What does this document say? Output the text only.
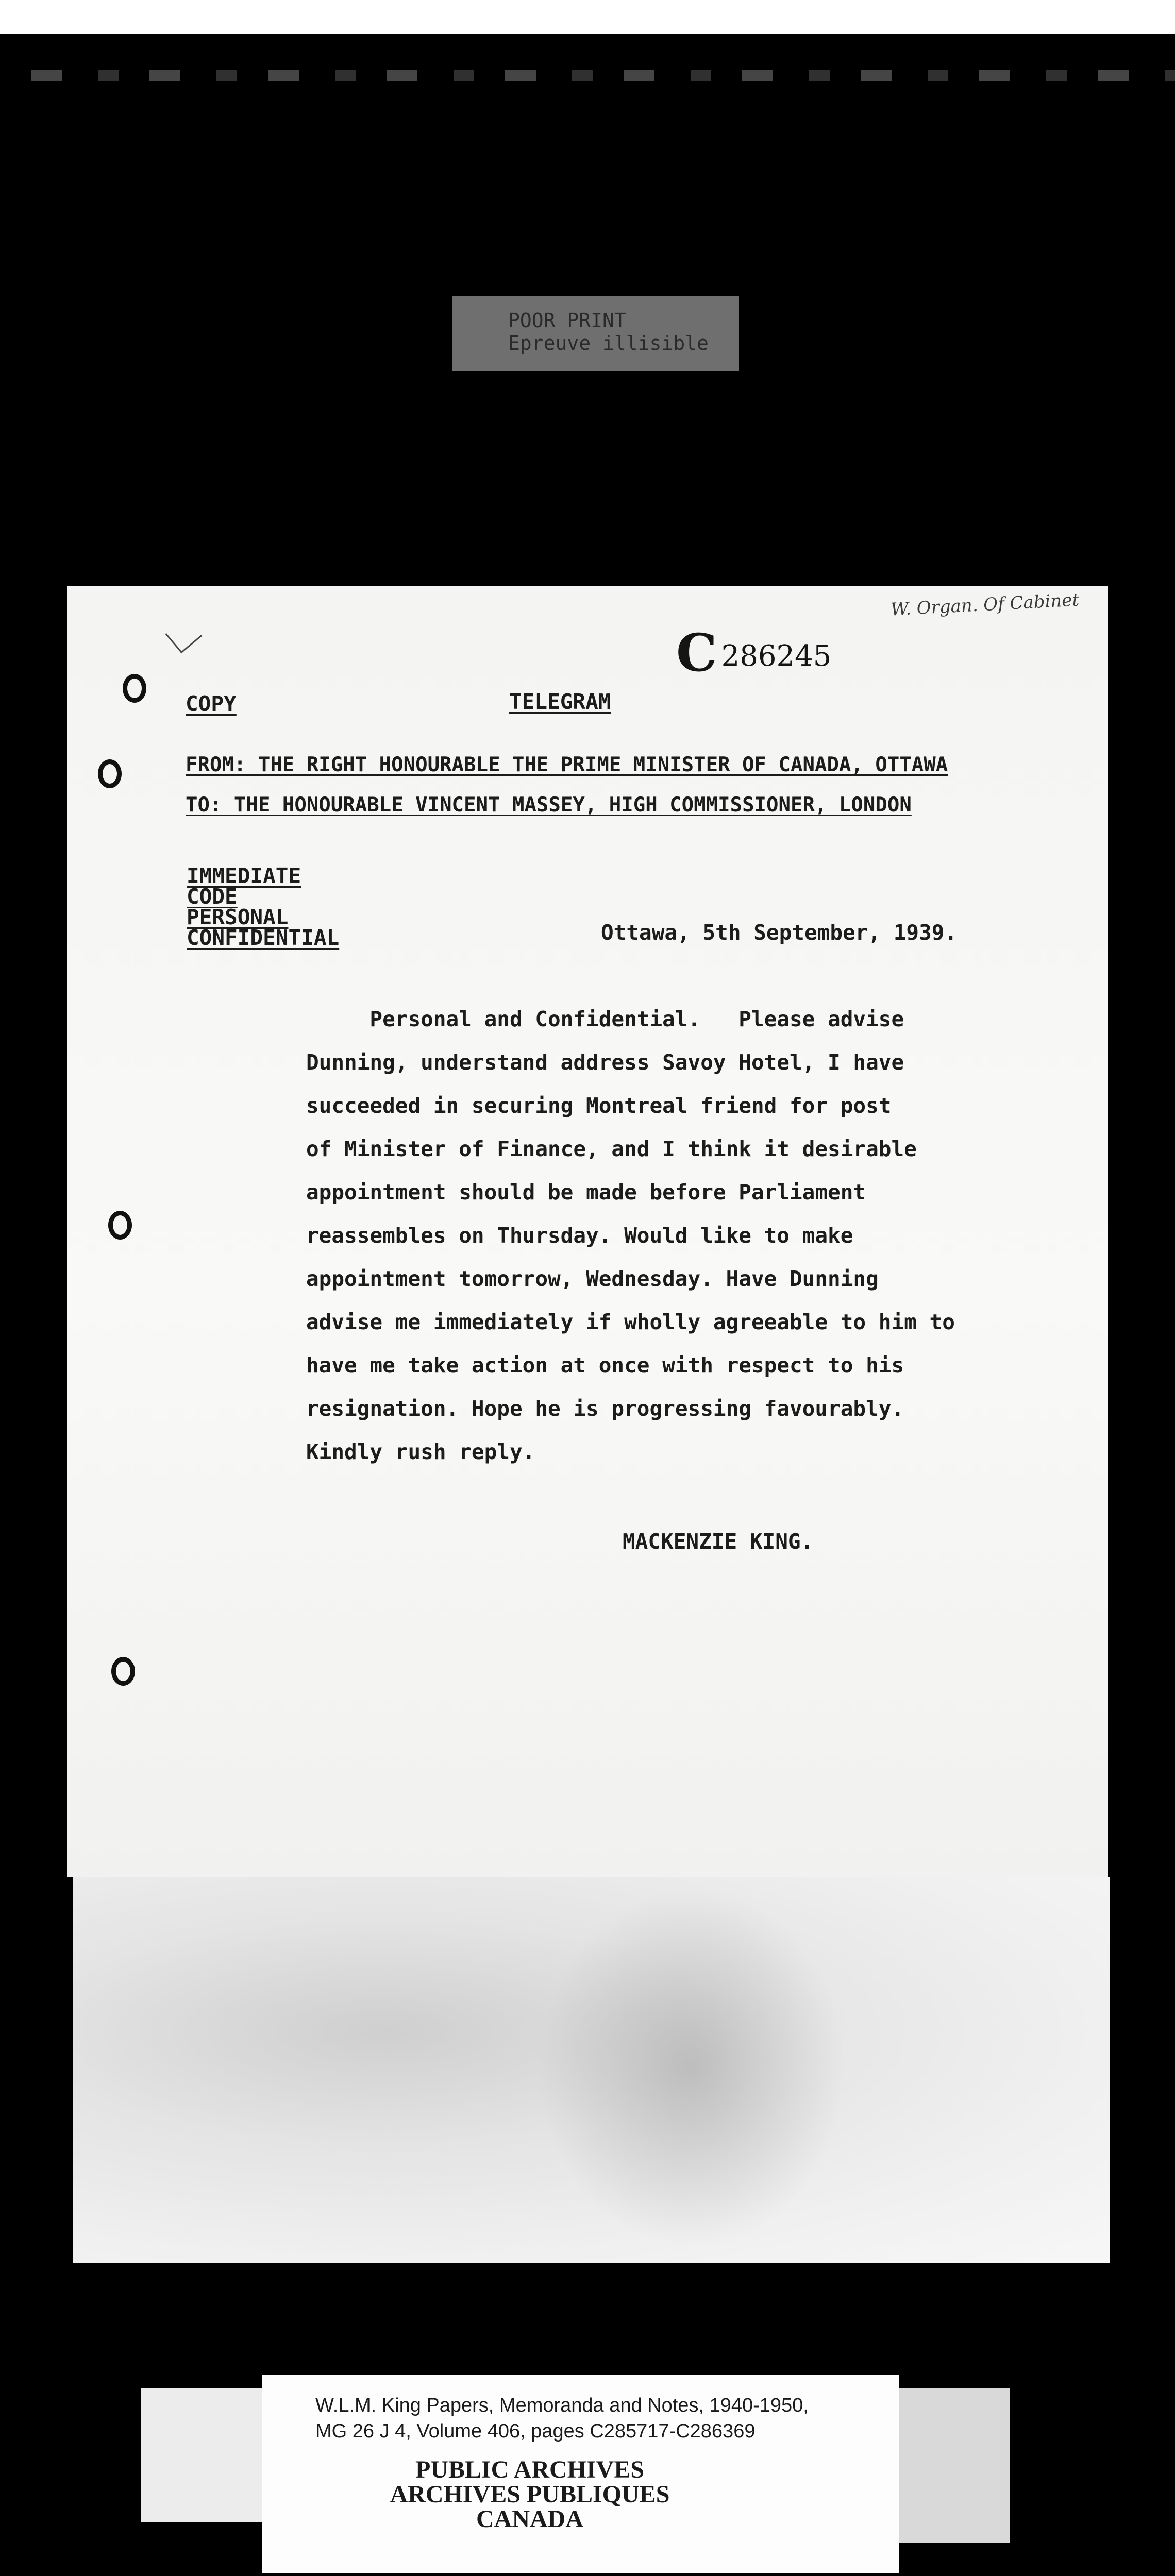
POOR PRINT
Epreuve illisible
W. Organ. Of Cabinet
C 286245
COPY	TELEGRAM
FROM: THE RIGHT HONOURABLE THE PRIME MINISTER OF CANADA, OTTAWA
TO: THE HONOURABLE VINCENT MASSEY, HIGH COMMISSIONER, LONDON
IMMEDIATE
CODE
PERSONAL
CONFIDENTIAL	Ottawa, 5th September, 1939.
Personal and Confidential.   Please advise
Dunning, understand address Savoy Hotel, I have
succeeded in securing Montreal friend for post
of Minister of Finance, and I think it desirable
appointment should be made before Parliament
reassembles on Thursday. Would like to make
appointment tomorrow, Wednesday. Have Dunning
advise me immediately if wholly agreeable to him to
have me take action at once with respect to his
resignation. Hope he is progressing favourably.
Kindly rush reply.
MACKENZIE KING.
W.L.M. King Papers, Memoranda and Notes, 1940-1950,
MG 26 J 4, Volume 406, pages C285717-C286369
PUBLIC ARCHIVES
ARCHIVES PUBLIQUES
CANADA
